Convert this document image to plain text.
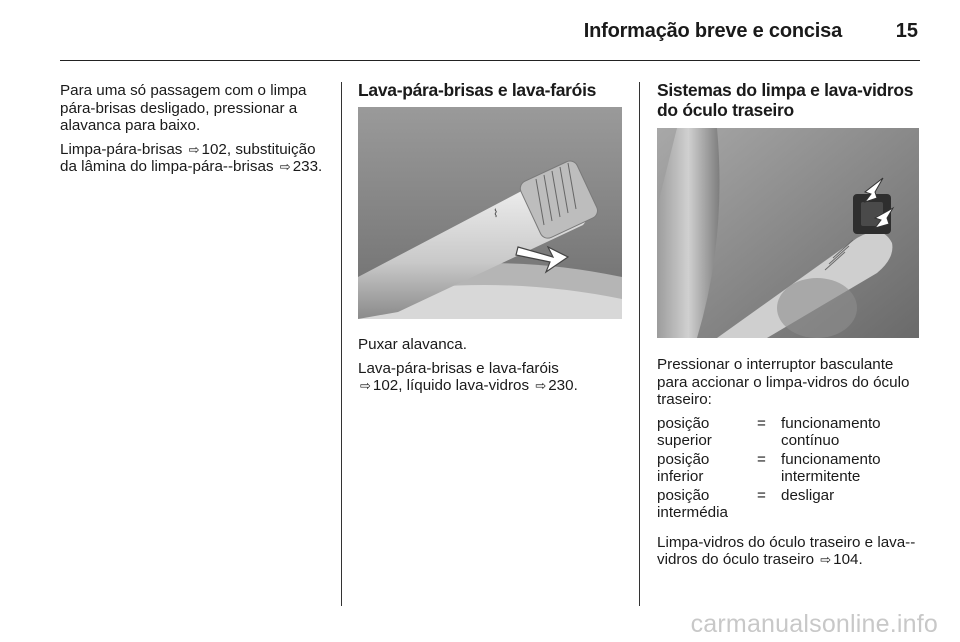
Informação breve e concisa	15

Para uma só passagem com o limpa pára-brisas desligado, pressionar a alavanca para baixo.

Limpa-pára-brisas ⇨ 102, substituição da lâmina do limpa-pára--brisas ⇨ 233.

Lava-pára-brisas e lava-faróis
⌇

Puxar alavanca.

Lava-pára-brisas e lava-faróis
⇨ 102, líquido lava-vidros ⇨ 230.

Sistemas do limpa e lava-vidros do óculo traseiro

Pressionar o interruptor basculante para accionar o limpa-vidros do óculo traseiro:

posição superior
= funcionamento contínuo
posição inferior
= funcionamento intermitente
posição intermédia
= desligar

Limpa-vidros do óculo traseiro e lava--vidros do óculo traseiro ⇨ 104.

carmanualsonline.info
